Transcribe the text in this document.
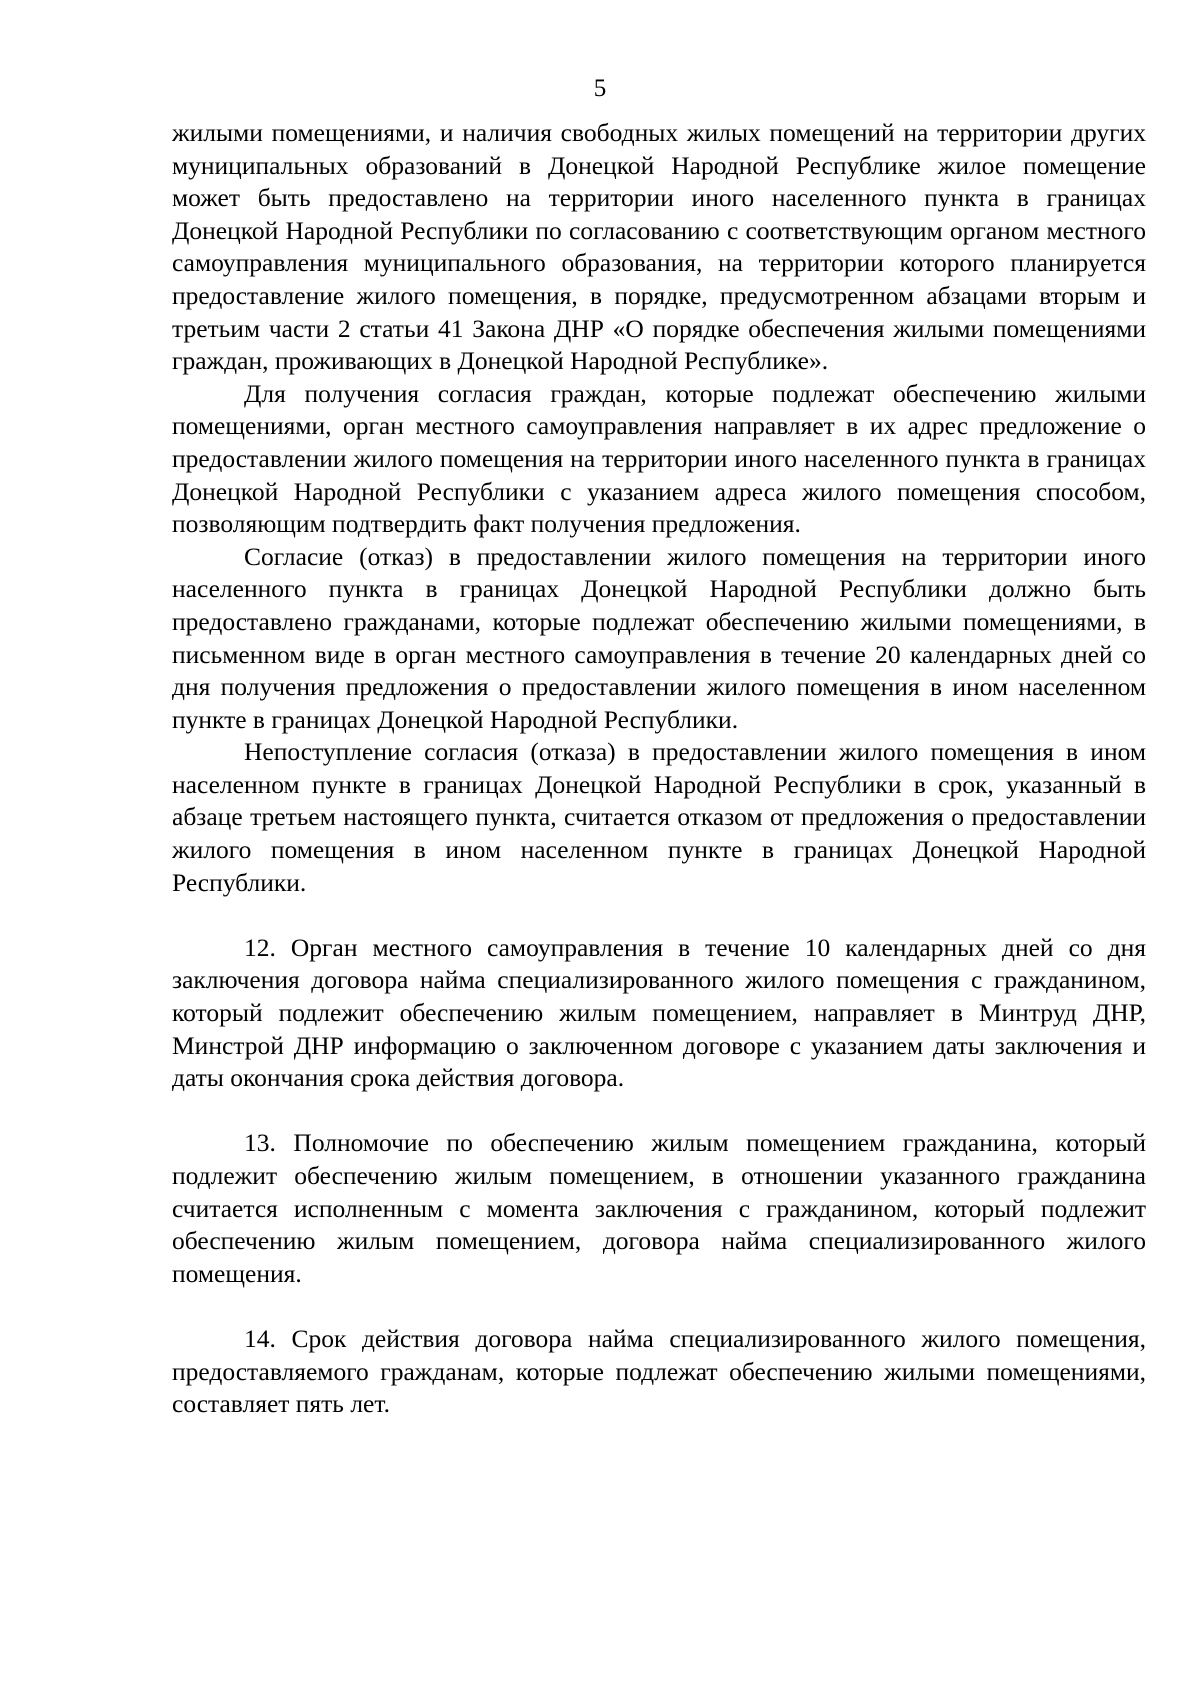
5

жилыми помещениями, и наличия свободных жилых помещений на территории других муниципальных образований в Донецкой Народной Республике жилое помещение может быть предоставлено на территории иного населенного пункта в границах Донецкой Народной Республики по согласованию с соответствующим органом местного самоуправления муниципального образования, на территории которого планируется предоставление жилого помещения, в порядке, предусмотренном абзацами вторым и третьим части 2 статьи 41 Закона ДНР «О порядке обеспечения жилыми помещениями граждан, проживающих в Донецкой Народной Республике».

Для получения согласия граждан, которые подлежат обеспечению жилыми помещениями, орган местного самоуправления направляет в их адрес предложение о предоставлении жилого помещения на территории иного населенного пункта в границах Донецкой Народной Республики с указанием адреса жилого помещения способом, позволяющим подтвердить факт получения предложения.

Согласие (отказ) в предоставлении жилого помещения на территории иного населенного пункта в границах Донецкой Народной Республики должно быть предоставлено гражданами, которые подлежат обеспечению жилыми помещениями, в письменном виде в орган местного самоуправления в течение 20 календарных дней со дня получения предложения о предоставлении жилого помещения в ином населенном пункте в границах Донецкой Народной Республики.

Непоступление согласия (отказа) в предоставлении жилого помещения в ином населенном пункте в границах Донецкой Народной Республики в срок, указанный в абзаце третьем настоящего пункта, считается отказом от предложения о предоставлении жилого помещения в ином населенном пункте в границах Донецкой Народной Республики.

12. Орган местного самоуправления в течение 10 календарных дней со дня заключения договора найма специализированного жилого помещения с гражданином, который подлежит обеспечению жилым помещением, направляет в Минтруд ДНР, Минстрой ДНР информацию о заключенном договоре с указанием даты заключения и даты окончания срока действия договора.

13. Полномочие по обеспечению жилым помещением гражданина, который подлежит обеспечению жилым помещением, в отношении указанного гражданина считается исполненным с момента заключения с гражданином, который подлежит обеспечению жилым помещением, договора найма специализированного жилого помещения.

14. Срок действия договора найма специализированного жилого помещения, предоставляемого гражданам, которые подлежат обеспечению жилыми помещениями, составляет пять лет.
